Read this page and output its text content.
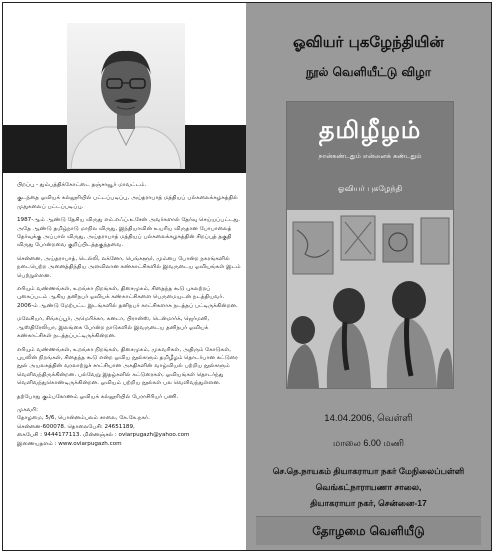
பிறப்பு - தும்பத்திக்கோட்டை தஞ்சாவூர் மாவட்டம்.

குடந்தை ஓவியக் கல்லூரியில் பட்டப்படிப்பு, அய்தராபாத் மத்தியப் பல்கலைக்கழகத்தில் முதுகலைப் பட்டப்படிப்பு.

1987-ஆம் ஆண்டு தேசிய விருது எம்.எஃப்.உசேன் அவர்களால் தேர்வு செய்யப்பட்டது. அதே ஆண்டு தமிழ்நாடு மாநில விருது, இந்தியாவின் உயரிய விருதான போபாலைத் தேர்வுக்கு அப்பால் விருது, அய்தராபாத் மத்தியப் பல்கலைக்கழகத்தின் சிறப்புத் தகுதி விருது போன்றவை குறிப்பிடத்தகுந்தவை.

சென்னை, அய்தராபாத், டெல்லி, லக்னோ, பெங்களூர், மும்பை போன்ற நகரங்களில் நடைபெற்ற அனைத்திந்திய அளவிலான கண்காட்சிகளில் இவருடைய ஓவியங்கள் இடம் பெற்றுள்ளன.

எரியும் வண்ணங்கள், உறங்கா நிறங்கள், திசைமுகம், சிதைந்த கூடு புகலற்றப் புகைப்படம் ஆகிய தனிநபர் ஓவியக் கண்காட்சிகளை பெருமையுடன் நடத்தியவர். 2006-ம் ஆண்டு மேற்பட்ட இடங்களில் தனிநபர் காட்சிகளாக நடத்தப் பட்டிருக்கின்றன.

மலேசியா, சிங்கப்பூர், அமெரிக்கா, கனடா, பிரான்ஸ், டென்மார்க், ஜெர்மனி, ஆஸ்திரேலியா, இலங்கை போன்ற நாடுகளில் இவருடைய தனிநபர் ஓவியக் கண்காட்சிகள் நடத்தப்பட்டிருக்கின்றன.

எரியும் வண்ணங்கள், உறங்கா நிறங்கள், திசைமுகம், முகவரிகள், அதிரும் கோடுகள், புயலின் நிறங்கள், சிதைந்த கூடு என்ற ஓவிய நூல்களும் தமிழீழம் தொடர்பான கட்டுரை நூல் அயலகத்தின் வரலாற்றுச் சாட்சியான அகதிகளின் வாழ்வியல் பற்றிய நூல்களும் வெளிவந்திருக்கின்றன. பல்வேறு இதழ்களில் கட்டுரைகள், ஓவியங்கள் தொடர்ந்து வெளிவந்துகொண்டிருக்கின்றன. ஓவியம் பற்றிய நூல்கள் பல வெளிவந்துள்ளன.

தற்போது கும்பகோணம் ஓவியக் கல்லூரியில் பேராசிரியர் பணி.

முகவரி:
தோழமை, 5/6, பொன்னம்பலம் சாலை, கே.கே.நகர்.
சென்னை-600078. தொலைபேசி: 24651189,
கைபேசி : 9444177113. மின்னஞ்சல் : oviarpugazh@yahoo.com
இணையதளம் : www.oviarpugazh.com
ஓவியர் புகழேந்தியின்
நூல் வெளியீட்டு விழா
தமிழீழம்
நான்கண்டதும் என்னைக் கண்டதும்
ஓவியர் புகழேந்தி
14.04.2006, வெள்ளி
மாலை 6.00 மணி
செ.தெ.நாயகம் தியாகராயா நகர் மேநிலைப்பள்ளி
வெங்கட்நாராயணா சாலை,
தியாகராயா நகர், சென்னை-17
தோழமை வெளியீடு
